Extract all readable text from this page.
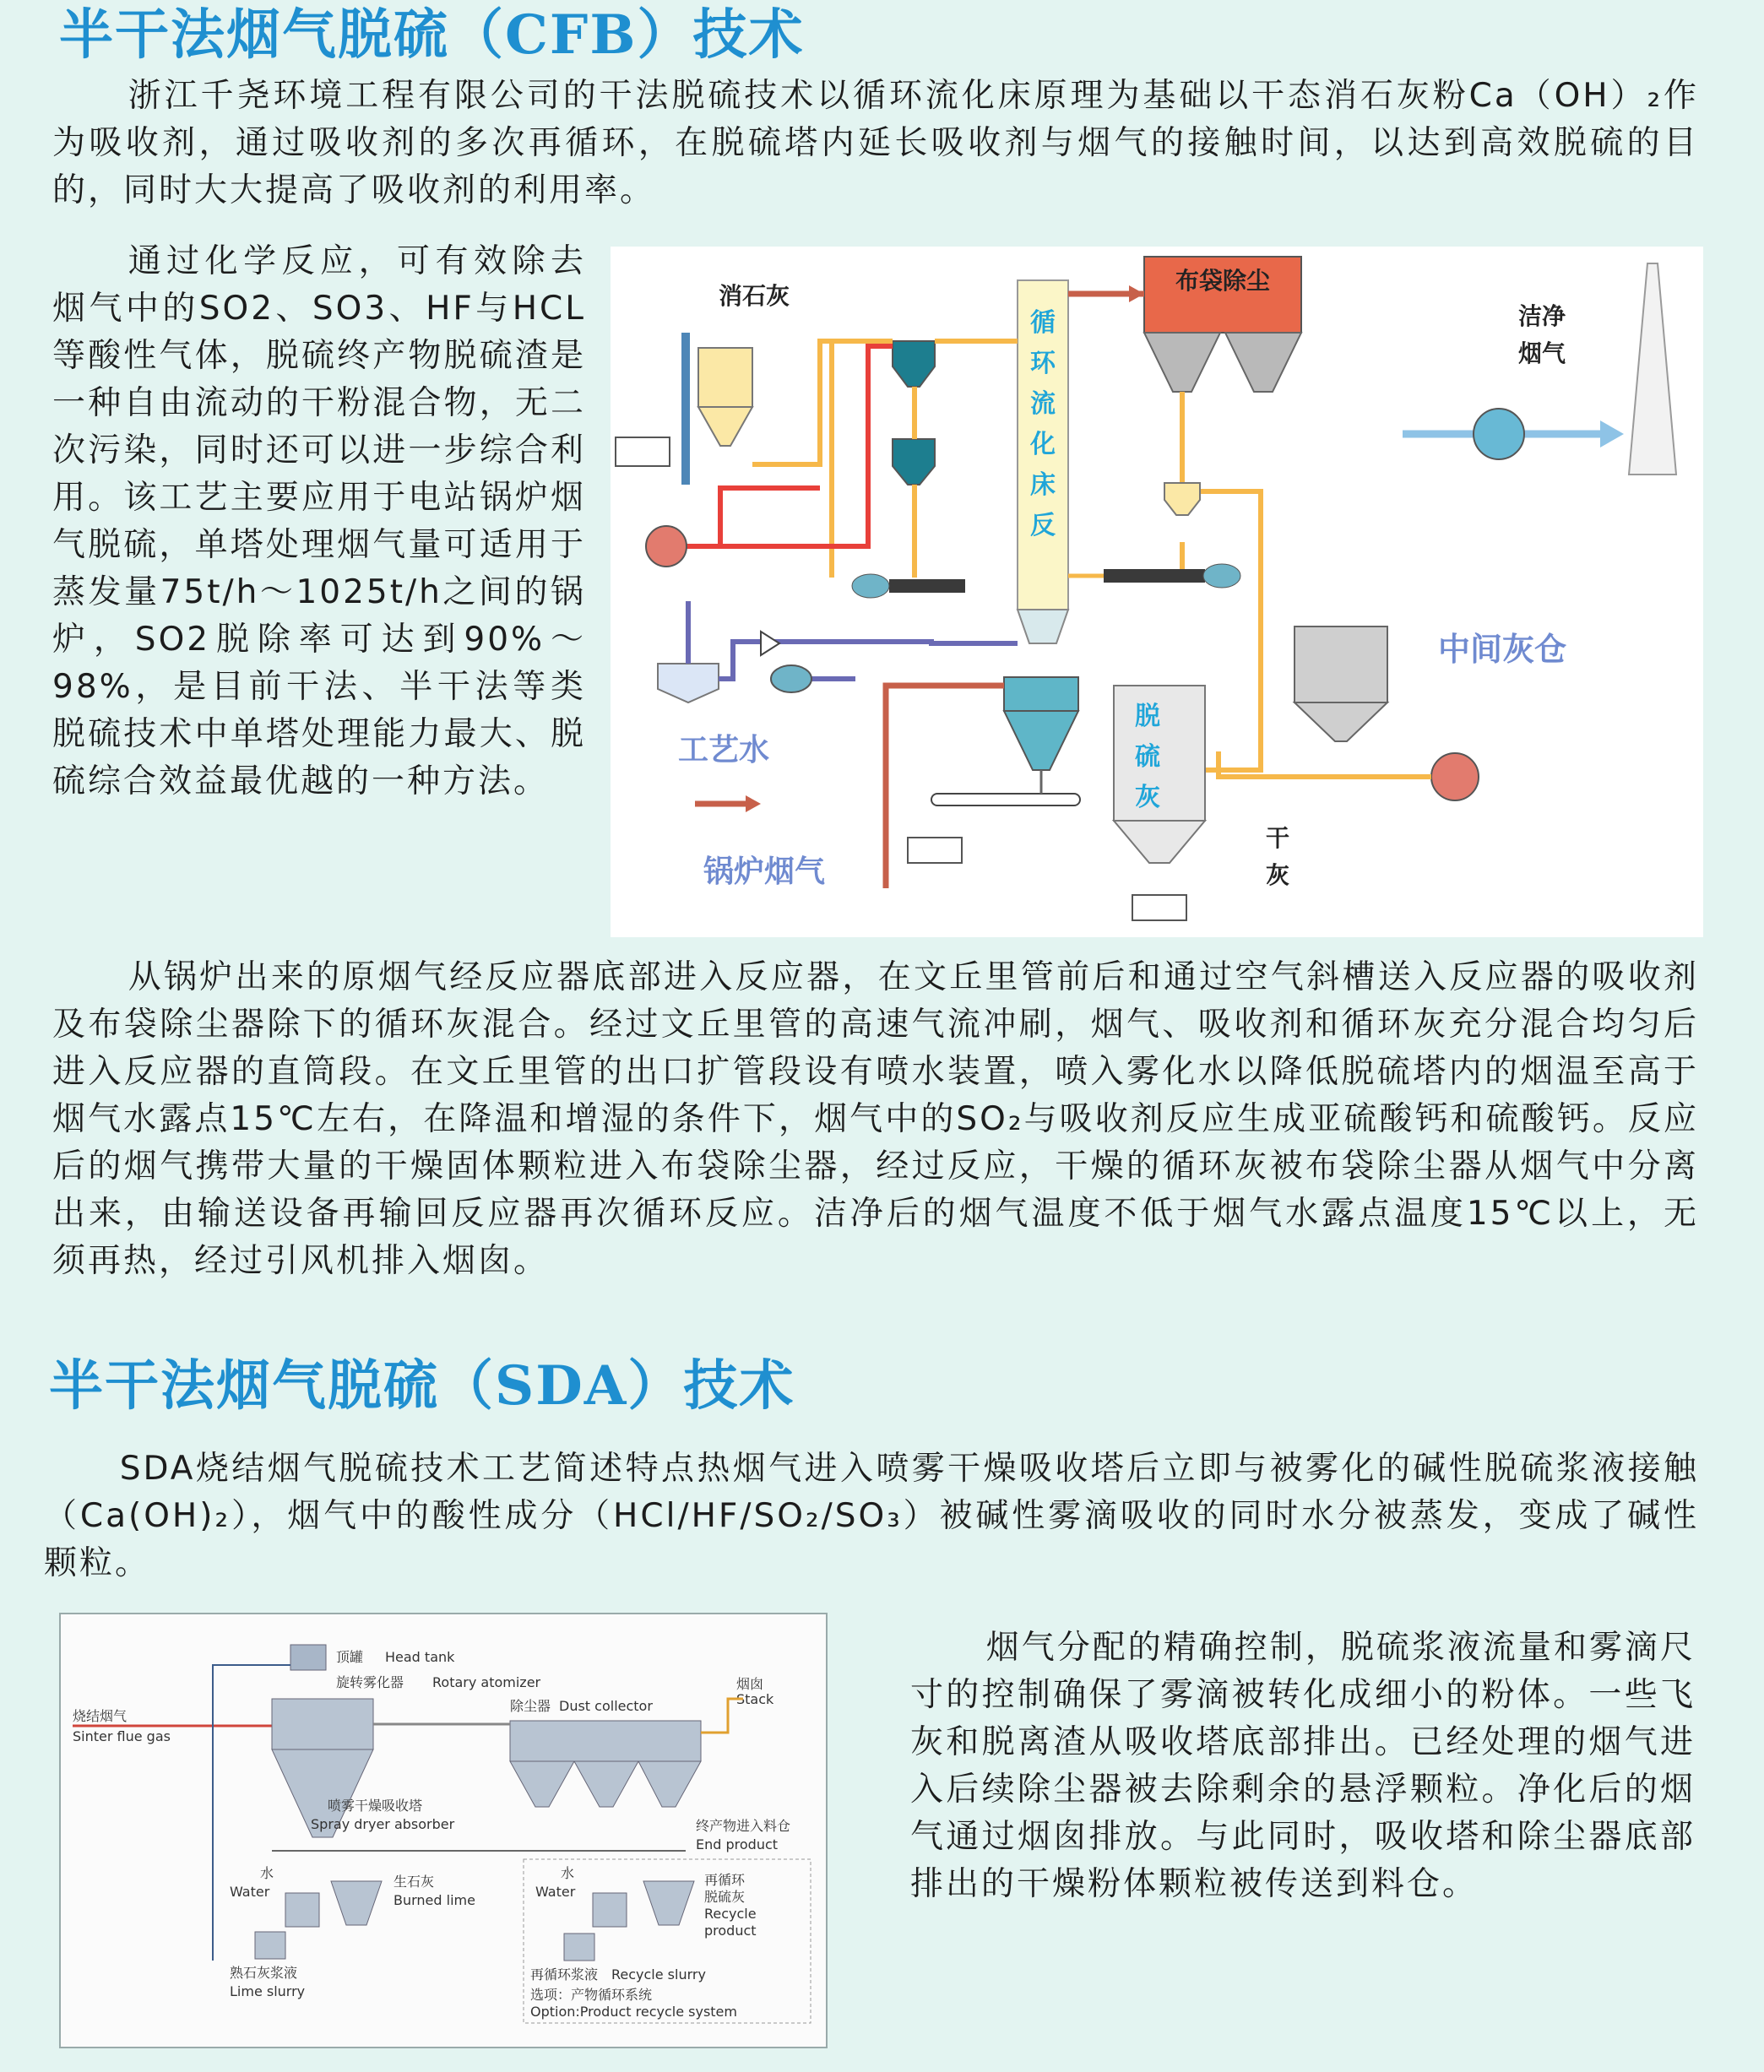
半干法烟气脱硫（CFB）技术

浙江千尧环境工程有限公司的干法脱硫技术以循环流化床原理为基础以干态消石灰粉Ca（OH）₂作为吸收剂，通过吸收剂的多次再循环，在脱硫塔内延长吸收剂与烟气的接触时间，以达到高效脱硫的目的，同时大大提高了吸收剂的利用率。

通过化学反应，可有效除去烟气中的SO2、SO3、HF与HCL等酸性气体，脱硫终产物脱硫渣是一种自由流动的干粉混合物，无二次污染，同时还可以进一步综合利用。该工艺主要应用于电站锅炉烟气脱硫，单塔处理烟气量可适用于蒸发量75t/h～1025t/h之间的锅炉，SO2脱除率可达到90%～98%，是目前干法、半干法等类脱硫技术中单塔处理能力最大、脱硫综合效益最优越的一种方法。

布袋除尘
循
环
流
化
床
反
洁净
烟气
消石灰
工艺水
锅炉烟气
中间灰仓
脱
硫
灰
干
灰

从锅炉出来的原烟气经反应器底部进入反应器，在文丘里管前后和通过空气斜槽送入反应器的吸收剂及布袋除尘器除下的循环灰混合。经过文丘里管的高速气流冲刷，烟气、吸收剂和循环灰充分混合均匀后进入反应器的直筒段。在文丘里管的出口扩管段设有喷水装置，喷入雾化水以降低脱硫塔内的烟温至高于烟气水露点15℃左右，在降温和增湿的条件下，烟气中的SO₂与吸收剂反应生成亚硫酸钙和硫酸钙。反应后的烟气携带大量的干燥固体颗粒进入布袋除尘器，经过反应，干燥的循环灰被布袋除尘器从烟气中分离出来，由输送设备再输回反应器再次循环反应。洁净后的烟气温度不低于烟气水露点温度15℃以上，无须再热，经过引风机排入烟囱。

半干法烟气脱硫（SDA）技术

SDA烧结烟气脱硫技术工艺简述特点热烟气进入喷雾干燥吸收塔后立即与被雾化的碱性脱硫浆液接触（Ca(OH)₂），烟气中的酸性成分（HCl/HF/SO₂/SO₃）被碱性雾滴吸收的同时水分被蒸发，变成了碱性颗粒。

顶罐 Head tank
旋转雾化器 Rotary atomizer
烧结烟气
Sinter flue gas
喷雾干燥吸收塔
Spray dryer absorber
除尘器 Dust collector
烟囱
Stack
终产物进入料仓
End product
水
Water
生石灰
Burned lime
熟石灰浆液
Lime slurry
水
Water
再循环
脱硫灰
Recycle
product
再循环浆液 Recycle slurry
选项：产物循环系统
Option:Product recycle system

烟气分配的精确控制，脱硫浆液流量和雾滴尺寸的控制确保了雾滴被转化成细小的粉体。一些飞灰和脱离渣从吸收塔底部排出。已经处理的烟气进入后续除尘器被去除剩余的悬浮颗粒。净化后的烟气通过烟囱排放。与此同时，吸收塔和除尘器底部排出的干燥粉体颗粒被传送到料仓。
